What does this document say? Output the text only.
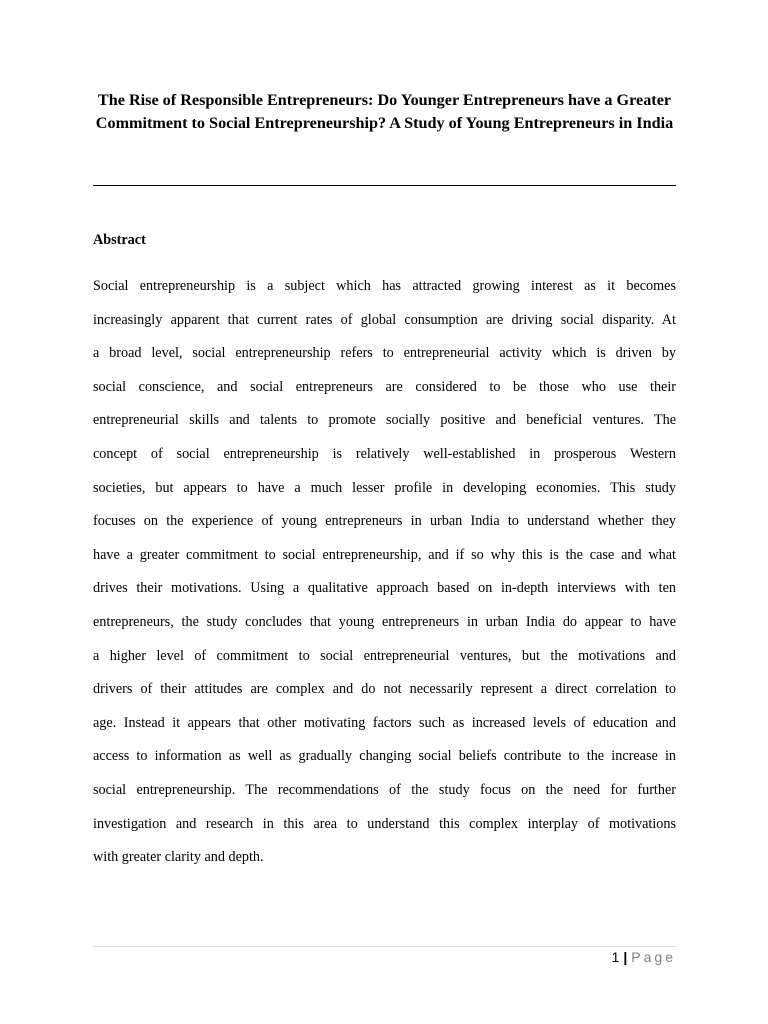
The Rise of Responsible Entrepreneurs: Do Younger Entrepreneurs have a Greater Commitment to Social Entrepreneurship? A Study of Young Entrepreneurs in India
Abstract
Social entrepreneurship is a subject which has attracted growing interest as it becomes
increasingly apparent that current rates of global consumption are driving social disparity. At
a broad level, social entrepreneurship refers to entrepreneurial activity which is driven by
social conscience, and social entrepreneurs are considered to be those who use their
entrepreneurial skills and talents to promote socially positive and beneficial ventures. The
concept of social entrepreneurship is relatively well-established in prosperous Western
societies, but appears to have a much lesser profile in developing economies. This study
focuses on the experience of young entrepreneurs in urban India to understand whether they
have a greater commitment to social entrepreneurship, and if so why this is the case and what
drives their motivations. Using a qualitative approach based on in-depth interviews with ten
entrepreneurs, the study concludes that young entrepreneurs in urban India do appear to have
a higher level of commitment to social entrepreneurial ventures, but the motivations and
drivers of their attitudes are complex and do not necessarily represent a direct correlation to
age. Instead it appears that other motivating factors such as increased levels of education and
access to information as well as gradually changing social beliefs contribute to the increase in
social entrepreneurship. The recommendations of the study focus on the need for further
investigation and research in this area to understand this complex interplay of motivations
with greater clarity and depth.
1 | Page
